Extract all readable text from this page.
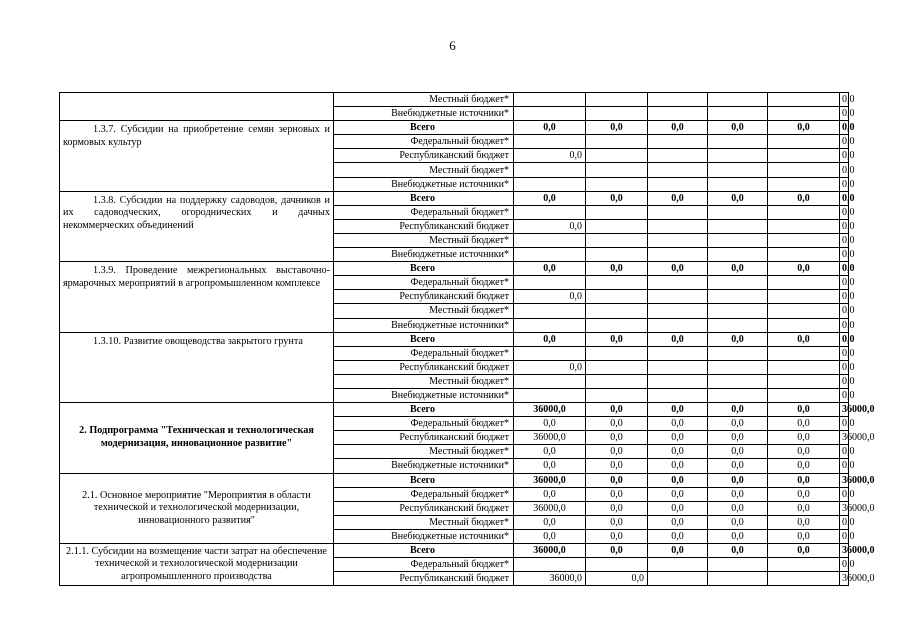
6
	Местный бюджет*						0,0
	Внебюджетные источники*						0,0
1.3.7. Субсидии на приобретение семян зерновых и кормовых культур	Всего	0,0	0,0	0,0	0,0	0,0	0,0
	Федеральный бюджет*						0,0
	Республиканский бюджет	0,0					0,0
	Местный бюджет*						0,0
	Внебюджетные источники*						0,0
1.3.8. Субсидии на поддержку садоводов, дачников и их садоводческих, огороднических и дачных некоммерческих объединений	Всего	0,0	0,0	0,0	0,0	0,0	0,0
	Федеральный бюджет*						0,0
	Республиканский бюджет	0,0					0,0
	Местный бюджет*						0,0
	Внебюджетные источники*						0,0
1.3.9. Проведение межрегиональных выставочно-ярмарочных мероприятий в агропромышленном комплексе	Всего	0,0	0,0	0,0	0,0	0,0	0,0
	Федеральный бюджет*						0,0
	Республиканский бюджет	0,0					0,0
	Местный бюджет*						0,0
	Внебюджетные источники*						0,0
1.3.10. Развитие овощеводства закрытого грунта	Всего	0,0	0,0	0,0	0,0	0,0	0,0
	Федеральный бюджет*						0,0
	Республиканский бюджет	0,0					0,0
	Местный бюджет*						0,0
	Внебюджетные источники*						0,0
2. Подпрограмма "Техническая и технологическая модернизация, инновационное развитие"	Всего	36000,0	0,0	0,0	0,0	0,0	36000,0
	Федеральный бюджет*	0,0	0,0	0,0	0,0	0,0	0,0
	Республиканский бюджет	36000,0	0,0	0,0	0,0	0,0	36000,0
	Местный бюджет*	0,0	0,0	0,0	0,0	0,0	0,0
	Внебюджетные источники*	0,0	0,0	0,0	0,0	0,0	0,0
2.1. Основное мероприятие "Мероприятия в области технической и технологической модернизации, инновационного развития"	Всего	36000,0	0,0	0,0	0,0	0,0	36000,0
	Федеральный бюджет*	0,0	0,0	0,0	0,0	0,0	0,0
	Республиканский бюджет	36000,0	0,0	0,0	0,0	0,0	36000,0
	Местный бюджет*	0,0	0,0	0,0	0,0	0,0	0,0
	Внебюджетные источники*	0,0	0,0	0,0	0,0	0,0	0,0
2.1.1. Субсидии на возмещение части затрат на обеспечение технической и технологической модернизации агропромышленного производства	Всего	36000,0	0,0	0,0	0,0	0,0	36000,0
	Федеральный бюджет*						0,0
	Республиканский бюджет	36000,0	0,0				36000,0
